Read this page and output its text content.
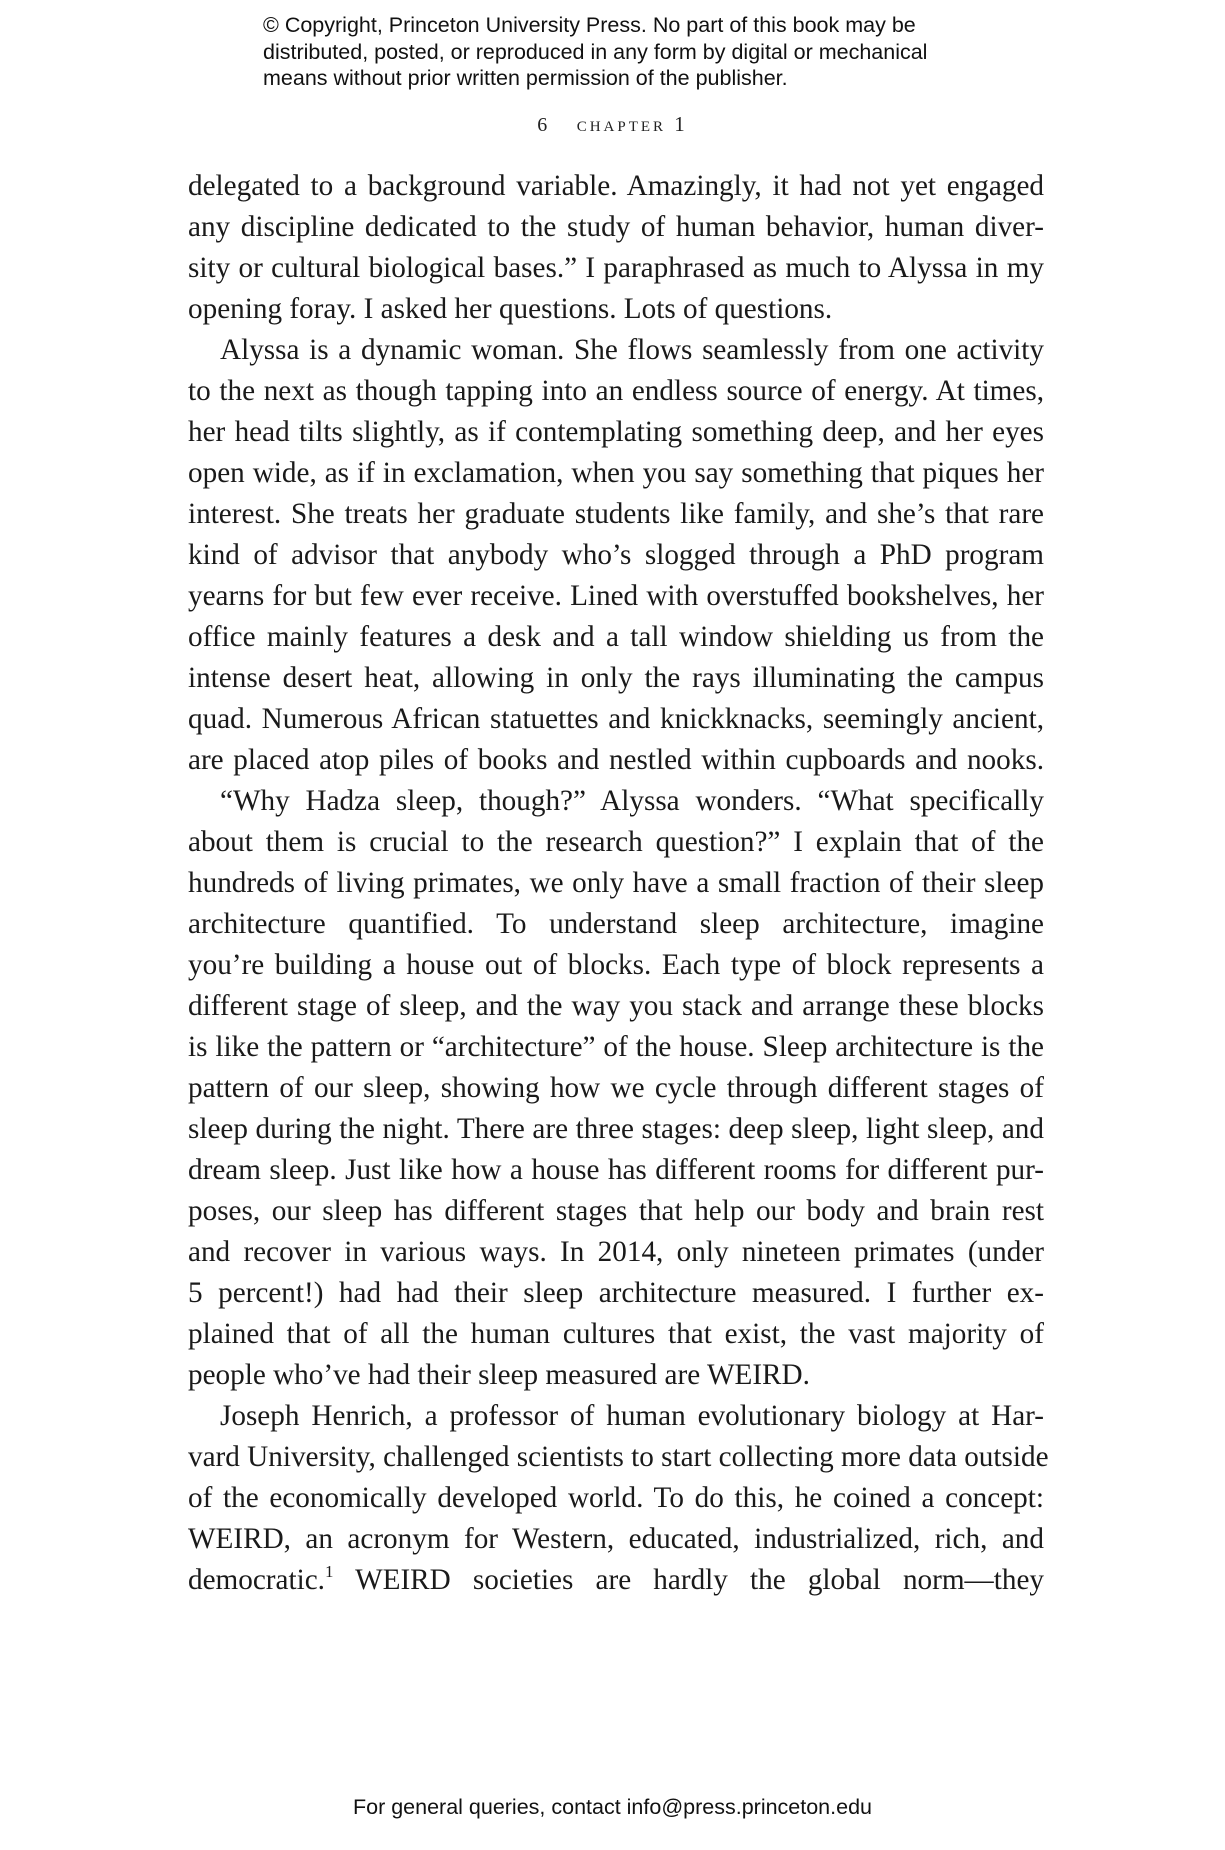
© Copyright, Princeton University Press. No part of this book may be
distributed, posted, or reproduced in any form by digital or mechanical
means without prior written permission of the publisher.
6 chapter 1
delegated to a background variable. Amazingly, it had not yet engaged
any discipline dedicated to the study of human behavior, human diver-
sity or cultural biological bases.” I paraphrased as much to Alyssa in my
opening foray. I asked her questions. Lots of questions.
Alyssa is a dynamic woman. She flows seamlessly from one activity
to the next as though tapping into an endless source of energy. At times,
her head tilts slightly, as if contemplating something deep, and her eyes
open wide, as if in exclamation, when you say something that piques her
interest. She treats her graduate students like family, and she’s that rare
kind of advisor that anybody who’s slogged through a PhD program
yearns for but few ever receive. Lined with overstuffed bookshelves, her
office mainly features a desk and a tall window shielding us from the
intense desert heat, allowing in only the rays illuminating the campus
quad. Numerous African statuettes and knickknacks, seemingly ancient,
are placed atop piles of books and nestled within cupboards and nooks.
“Why Hadza sleep, though?” Alyssa wonders. “What specifically
about them is crucial to the research question?” I explain that of the
hundreds of living primates, we only have a small fraction of their sleep
architecture quantified. To understand sleep architecture, imagine
you’re building a house out of blocks. Each type of block represents a
different stage of sleep, and the way you stack and arrange these blocks
is like the pattern or “architecture” of the house. Sleep architecture is the
pattern of our sleep, showing how we cycle through different stages of
sleep during the night. There are three stages: deep sleep, light sleep, and
dream sleep. Just like how a house has different rooms for different pur-
poses, our sleep has different stages that help our body and brain rest
and recover in various ways. In 2014, only nineteen primates (under
5 percent!) had had their sleep architecture measured. I further ex-
plained that of all the human cultures that exist, the vast majority of
people who’ve had their sleep measured are WEIRD.
Joseph Henrich, a professor of human evolutionary biology at Har-
vard University, challenged scientists to start collecting more data outside
of the economically developed world. To do this, he coined a concept:
WEIRD, an acronym for Western, educated, industrialized, rich, and
democratic.$^1$ WEIRD societies are hardly the global norm—they
For general queries, contact info@press.princeton.edu
